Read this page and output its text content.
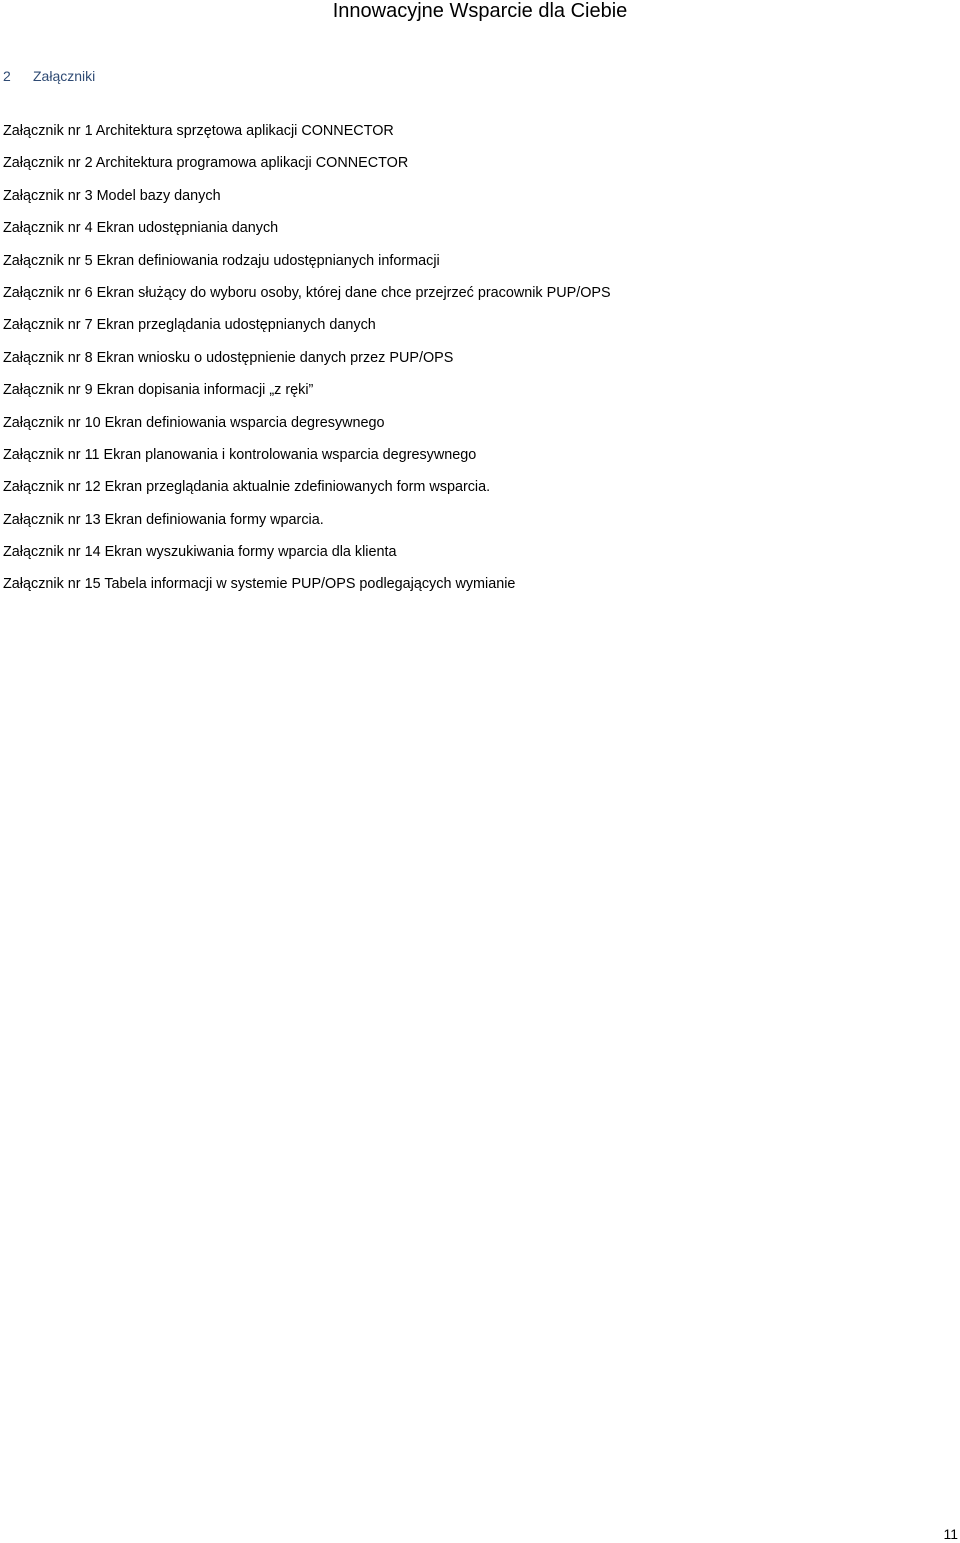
Innowacyjne Wsparcie dla Ciebie
2 Załączniki
Załącznik nr 1 Architektura sprzętowa aplikacji CONNECTOR
Załącznik nr 2 Architektura programowa aplikacji CONNECTOR
Załącznik nr 3 Model bazy danych
Załącznik nr 4 Ekran udostępniania danych
Załącznik nr 5 Ekran definiowania rodzaju udostępnianych informacji
Załącznik nr 6 Ekran służący do wyboru osoby, której dane chce przejrzeć pracownik PUP/OPS
Załącznik nr 7 Ekran przeglądania udostępnianych danych
Załącznik nr 8 Ekran wniosku o udostępnienie danych przez PUP/OPS
Załącznik nr 9 Ekran dopisania informacji „z ręki”
Załącznik nr 10 Ekran definiowania wsparcia degresywnego
Załącznik nr 11 Ekran planowania i kontrolowania wsparcia degresywnego
Załącznik nr 12 Ekran przeglądania aktualnie zdefiniowanych form wsparcia.
Załącznik nr 13 Ekran definiowania formy wparcia.
Załącznik nr 14 Ekran wyszukiwania formy wparcia dla klienta
Załącznik nr 15 Tabela informacji w systemie PUP/OPS podlegających wymianie
11
